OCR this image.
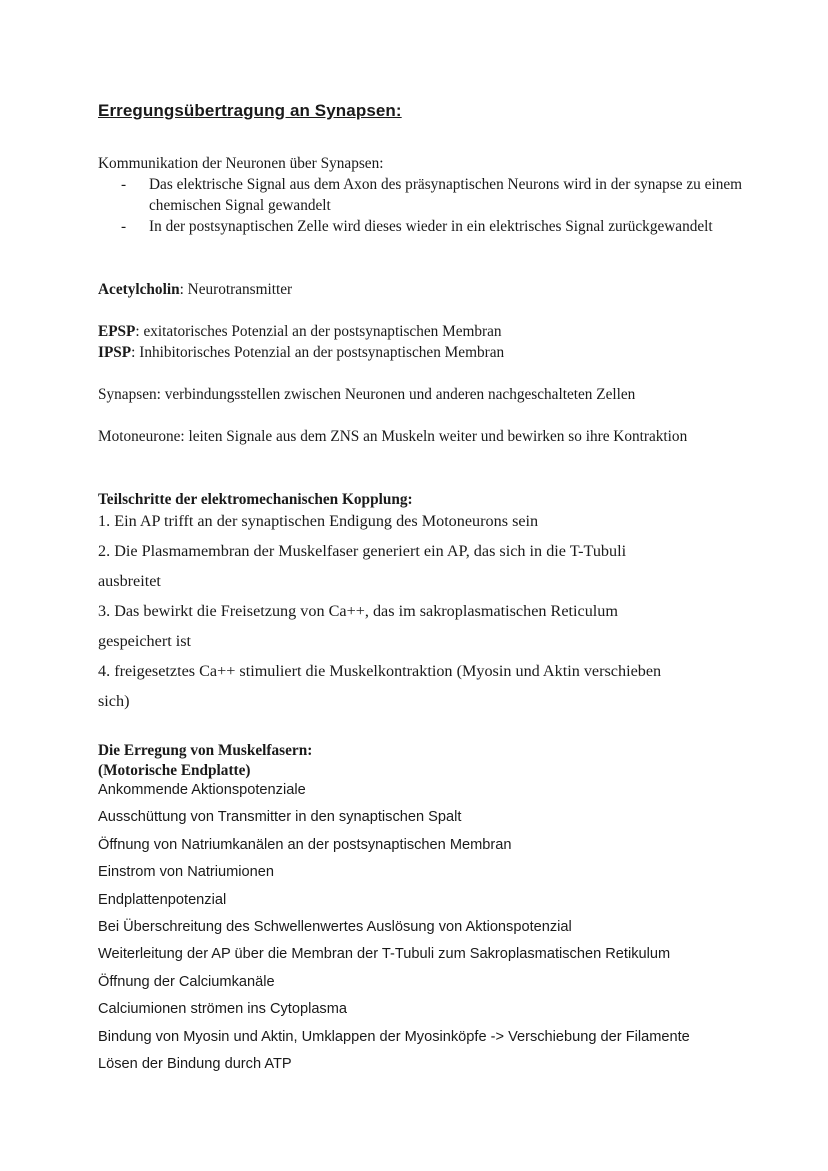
Erregungsübertragung an Synapsen:

Kommunikation der Neuronen über Synapsen:

- Das elektrische Signal aus dem Axon des präsynaptischen Neurons wird in der synapse zu einem chemischen Signal gewandelt
- In der postsynaptischen Zelle wird dieses wieder in ein elektrisches Signal zurückgewandelt

Acetylcholin: Neurotransmitter

EPSP: exitatorisches Potenzial an der postsynaptischen Membran

IPSP: Inhibitorisches Potenzial an der postsynaptischen Membran

Synapsen: verbindungsstellen zwischen Neuronen und anderen nachgeschalteten Zellen

Motoneurone: leiten Signale aus dem ZNS an Muskeln weiter und bewirken so ihre Kontraktion

Teilschritte der elektromechanischen Kopplung:

1. Ein AP trifft an der synaptischen Endigung des Motoneurons sein

2. Die Plasmamembran der Muskelfaser generiert ein AP, das sich in die T-Tubuli

ausbreitet

3. Das bewirkt die Freisetzung von Ca++, das im sakroplasmatischen Reticulum

gespeichert ist

4. freigesetztes Ca++ stimuliert die Muskelkontraktion (Myosin und Aktin verschieben

sich)

Die Erregung von Muskelfasern:

(Motorische Endplatte)

Ankommende Aktionspotenziale

Ausschüttung von Transmitter in den synaptischen Spalt

Öffnung von Natriumkanälen an der postsynaptischen Membran

Einstrom von Natriumionen

Endplattenpotenzial

Bei Überschreitung des Schwellenwertes Auslösung von Aktionspotenzial

Weiterleitung der AP über die Membran der T-Tubuli zum Sakroplasmatischen Retikulum

Öffnung der Calciumkanäle

Calciumionen strömen ins Cytoplasma

Bindung von Myosin und Aktin, Umklappen der Myosinköpfe -> Verschiebung der Filamente

Lösen der Bindung durch ATP
